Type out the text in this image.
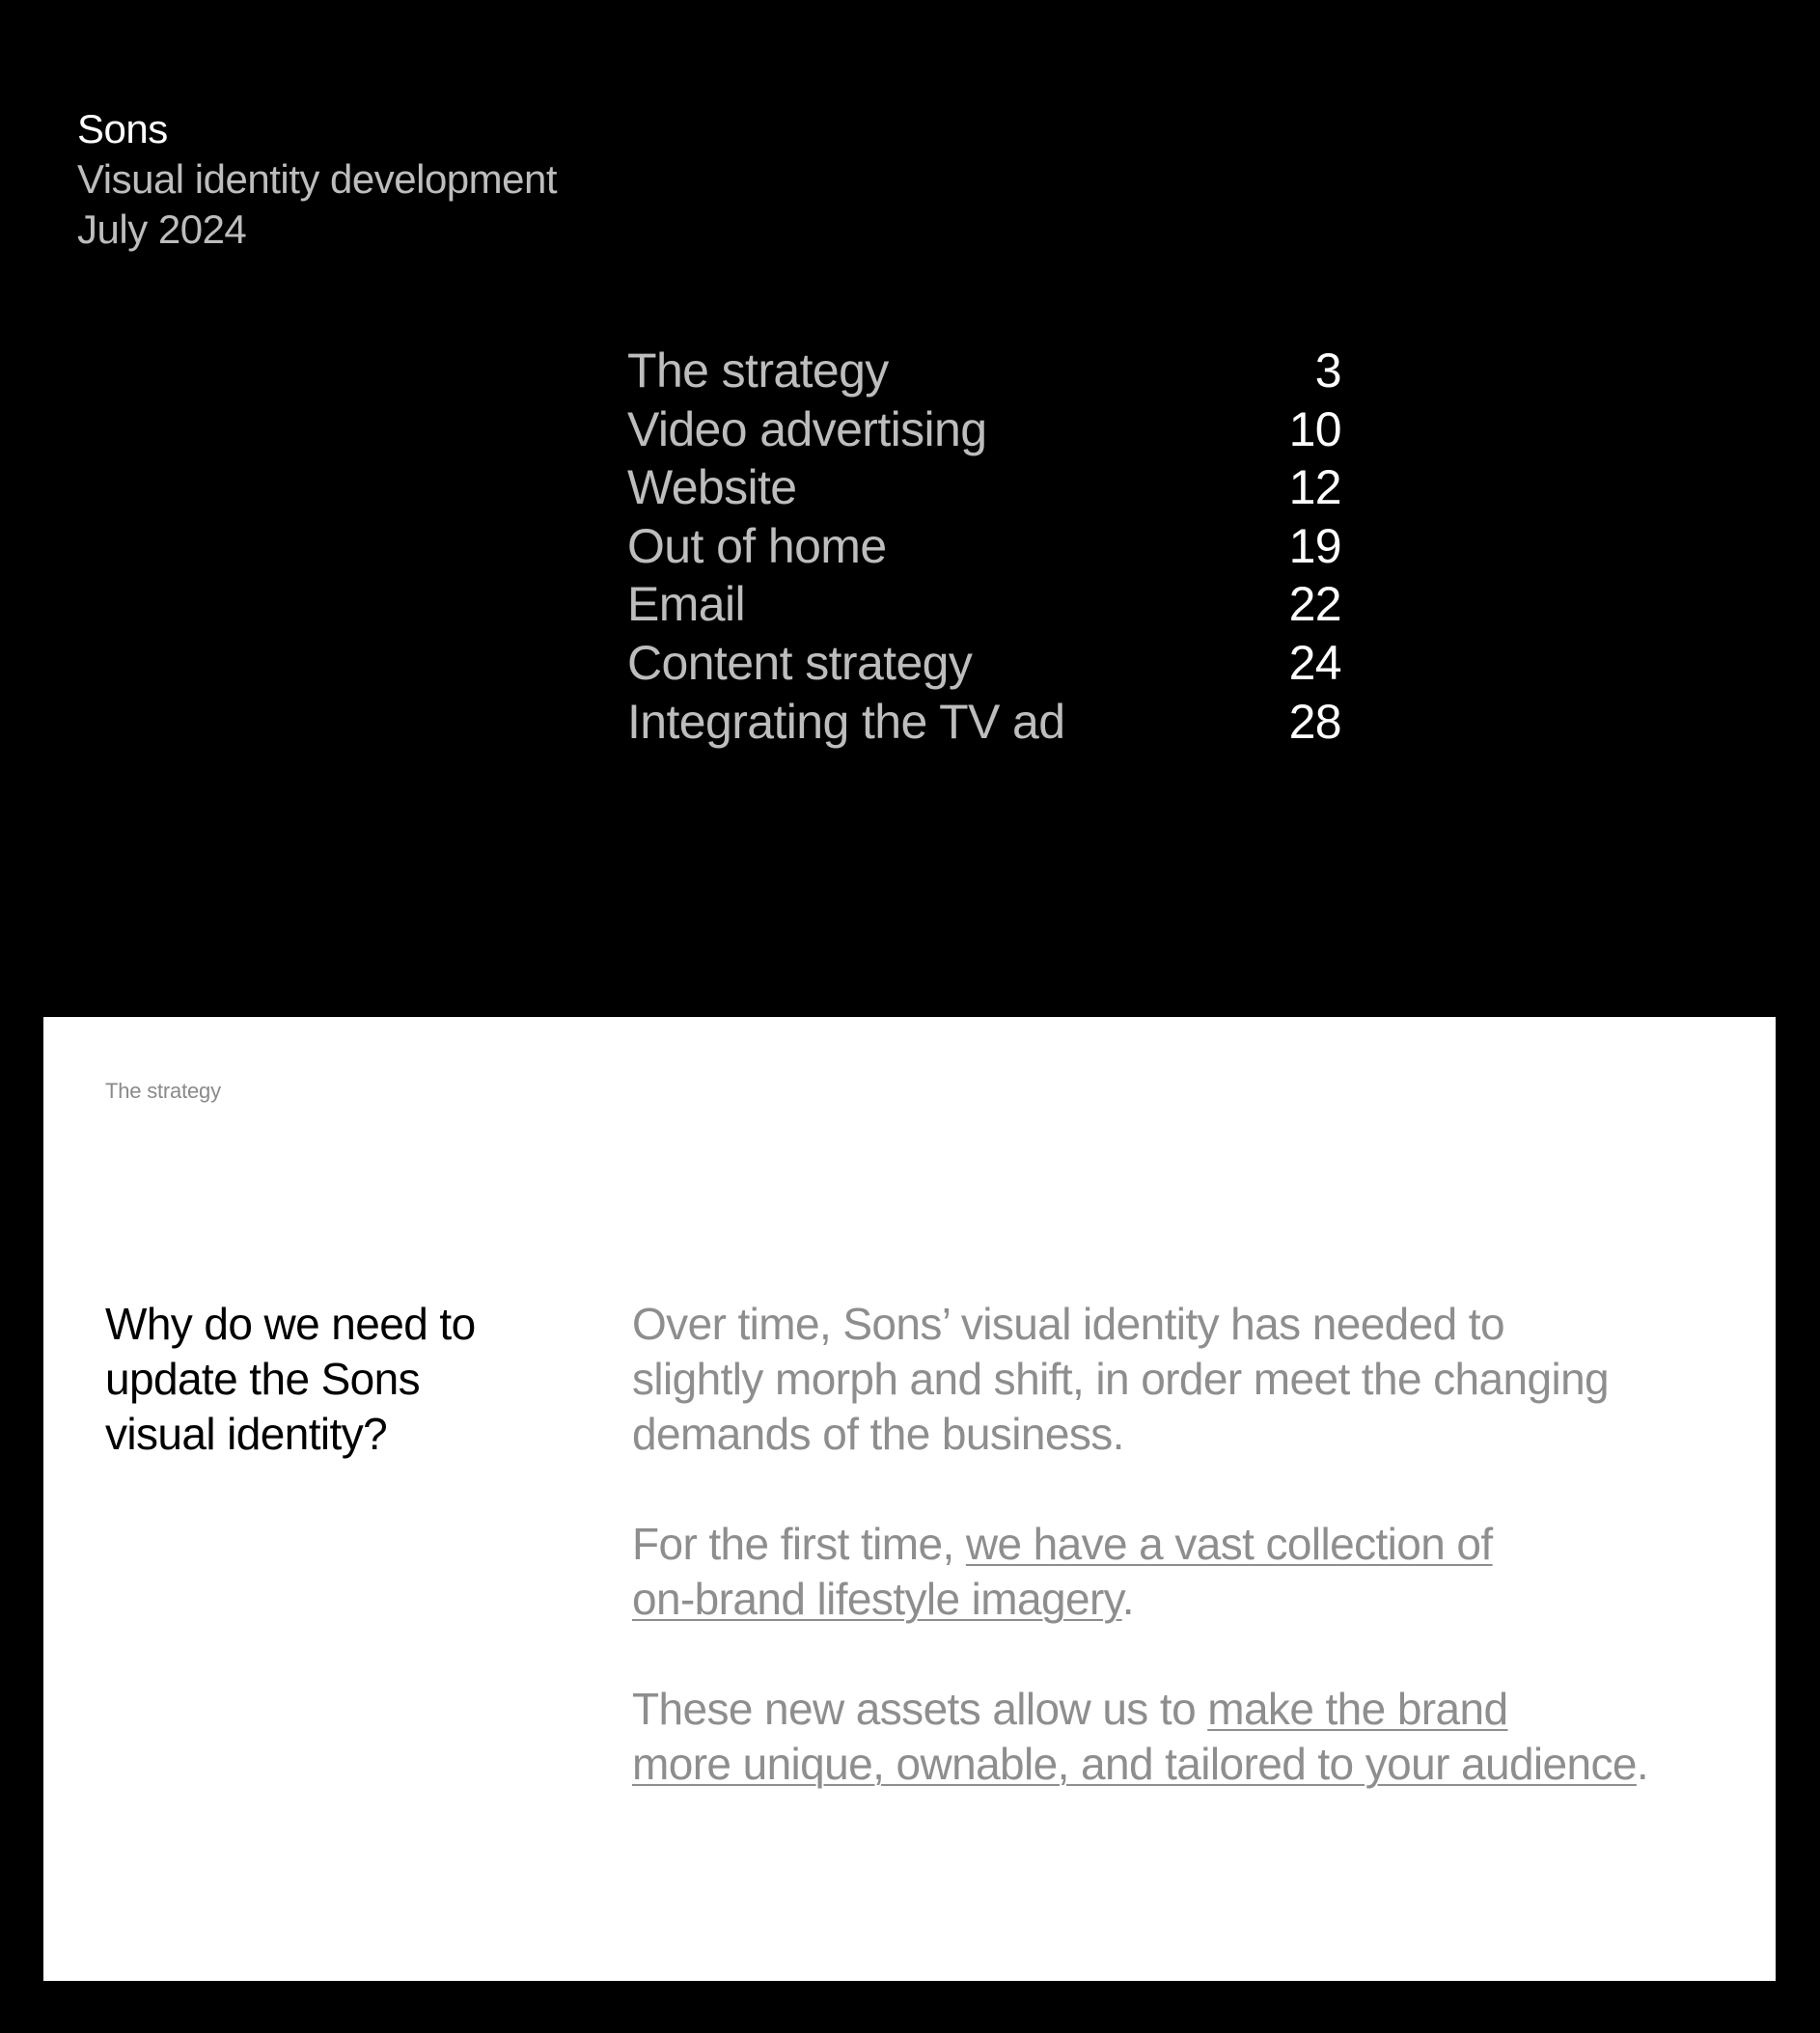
Sons
Visual identity development
July 2024
The strategy	3
Video advertising	10
Website	12
Out of home	19
Email	22
Content strategy	24
Integrating the TV ad	28
The strategy
Why do we need to
update the Sons
visual identity?

Over time, Sons’ visual identity has needed to
slightly morph and shift, in order meet the changing
demands of the business.

For the first time, we have a vast collection of
on-brand lifestyle imagery.

These new assets allow us to make the brand
more unique, ownable, and tailored to your audience.
